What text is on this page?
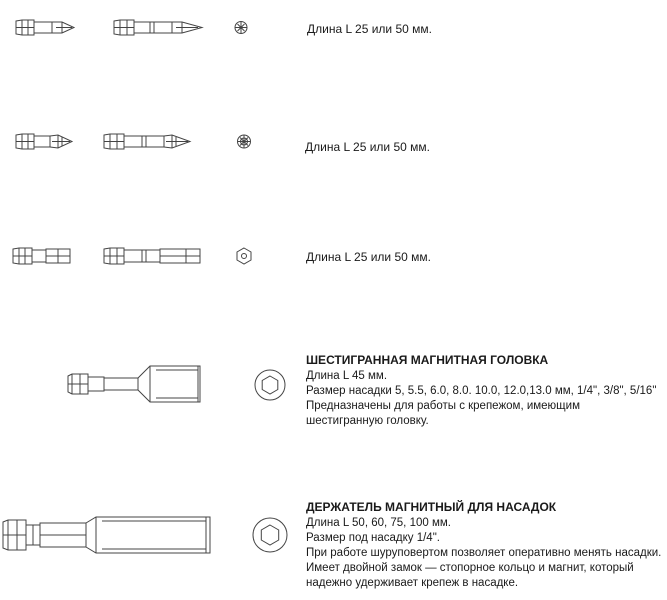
Длина L 25 или 50 мм.
Длина L 25 или 50 мм.
Длина L 25 или 50 мм.
ШЕСТИГРАННАЯ МАГНИТНАЯ ГОЛОВКА
Длина L 45 мм.
Размер насадки 5, 5.5, 6.0, 8.0. 10.0, 12.0,13.0 мм, 1/4", 3/8", 5/16"
Предназначены для работы с крепежом, имеющим шестигранную головку.
ДЕРЖАТЕЛЬ МАГНИТНЫЙ ДЛЯ НАСАДОК
Длина L 50, 60, 75, 100 мм.
Размер под насадку 1/4".
При работе шуруповертом позволяет оперативно менять насадки.
Имеет двойной замок — стопорное кольцо и магнит, который
надежно удерживает крепеж в насадке.
